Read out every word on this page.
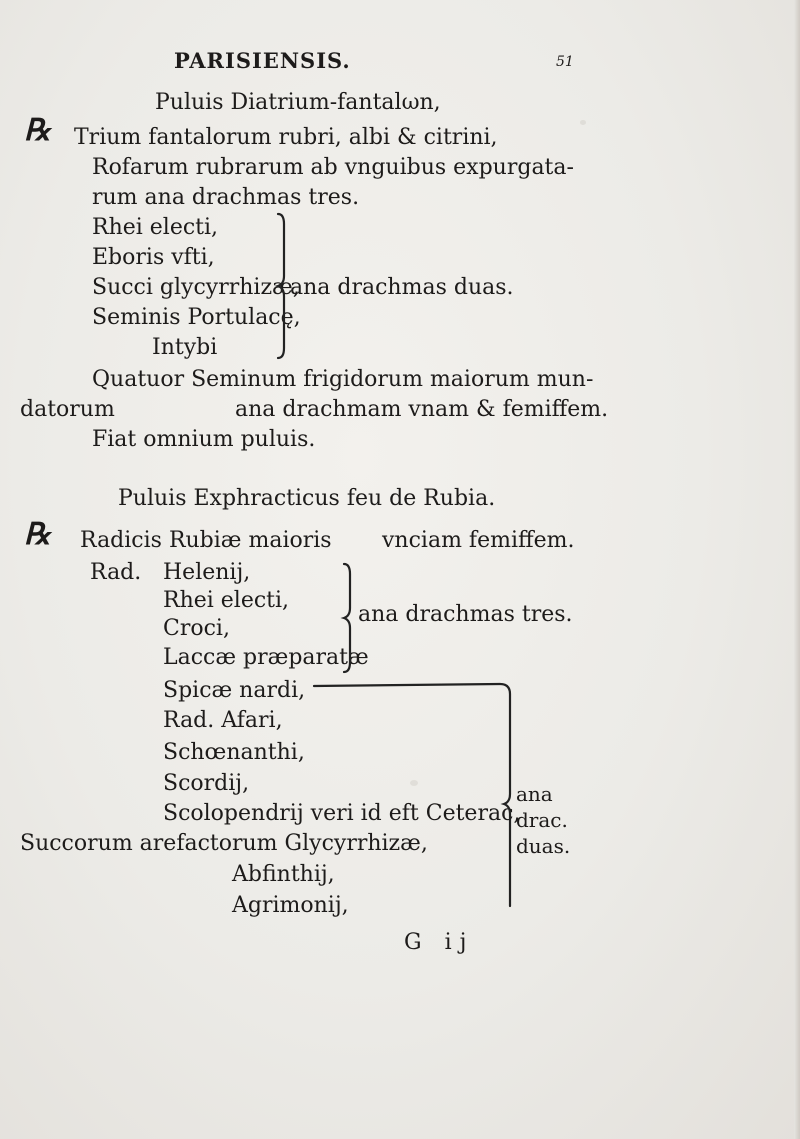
PARISIENSIS.	51
Puluis Diatrium-fantalωn,
℞ Trium fantalorum rubri, albi & citrini,
Rofarum rubrarum ab vnguibus expurgata-
rum ana drachmas tres.
Rhei electi,
Eboris vfti,
Succi glycyrrhizæ,
Seminis Portulacę,
Intybi
ana drachmas duas.
Quatuor Seminum frigidorum maiorum mun-
datorum	ana drachmam vnam & femiffem.
Fiat omnium puluis.
Puluis Exphracticus feu de Rubia.
℞ Radicis Rubiæ maioris vnciam femiffem.
Rad. Helenij,
Rhei electi,
Croci,
Laccæ præparatæ
ana drachmas tres.
Spicæ nardi,
Rad. Afari,
Schœnanthi,
Scordij,
Scolopendrij veri id eft Ceterac,
Succorum arefactorum Glycyrrhizæ,
Abfinthij,
Agrimonij,
ana
drac.
duas.
G ij
